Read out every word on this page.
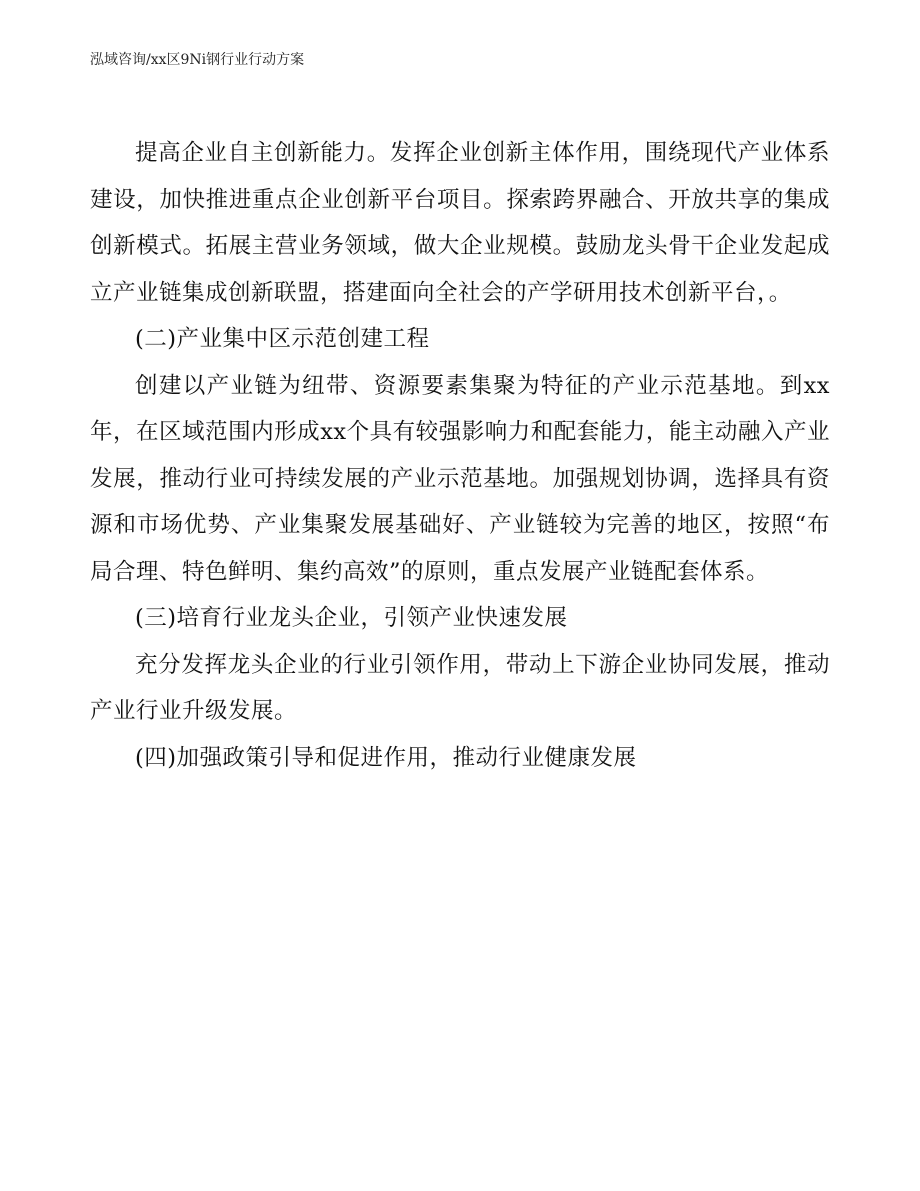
泓域咨询/xx区9Ni钢行业行动方案

提高企业自主创新能力。发挥企业创新主体作用，围绕现代产业体系建设，加快推进重点企业创新平台项目。探索跨界融合、开放共享的集成创新模式。拓展主营业务领域，做大企业规模。鼓励龙头骨干企业发起成立产业链集成创新联盟，搭建面向全社会的产学研用技术创新平台，。

(二)产业集中区示范创建工程

创建以产业链为纽带、资源要素集聚为特征的产业示范基地。到xx年，在区域范围内形成xx个具有较强影响力和配套能力，能主动融入产业发展，推动行业可持续发展的产业示范基地。加强规划协调，选择具有资源和市场优势、产业集聚发展基础好、产业链较为完善的地区，按照“布局合理、特色鲜明、集约高效”的原则，重点发展产业链配套体系。

(三)培育行业龙头企业，引领产业快速发展

充分发挥龙头企业的行业引领作用，带动上下游企业协同发展，推动产业行业升级发展。

(四)加强政策引导和促进作用，推动行业健康发展
